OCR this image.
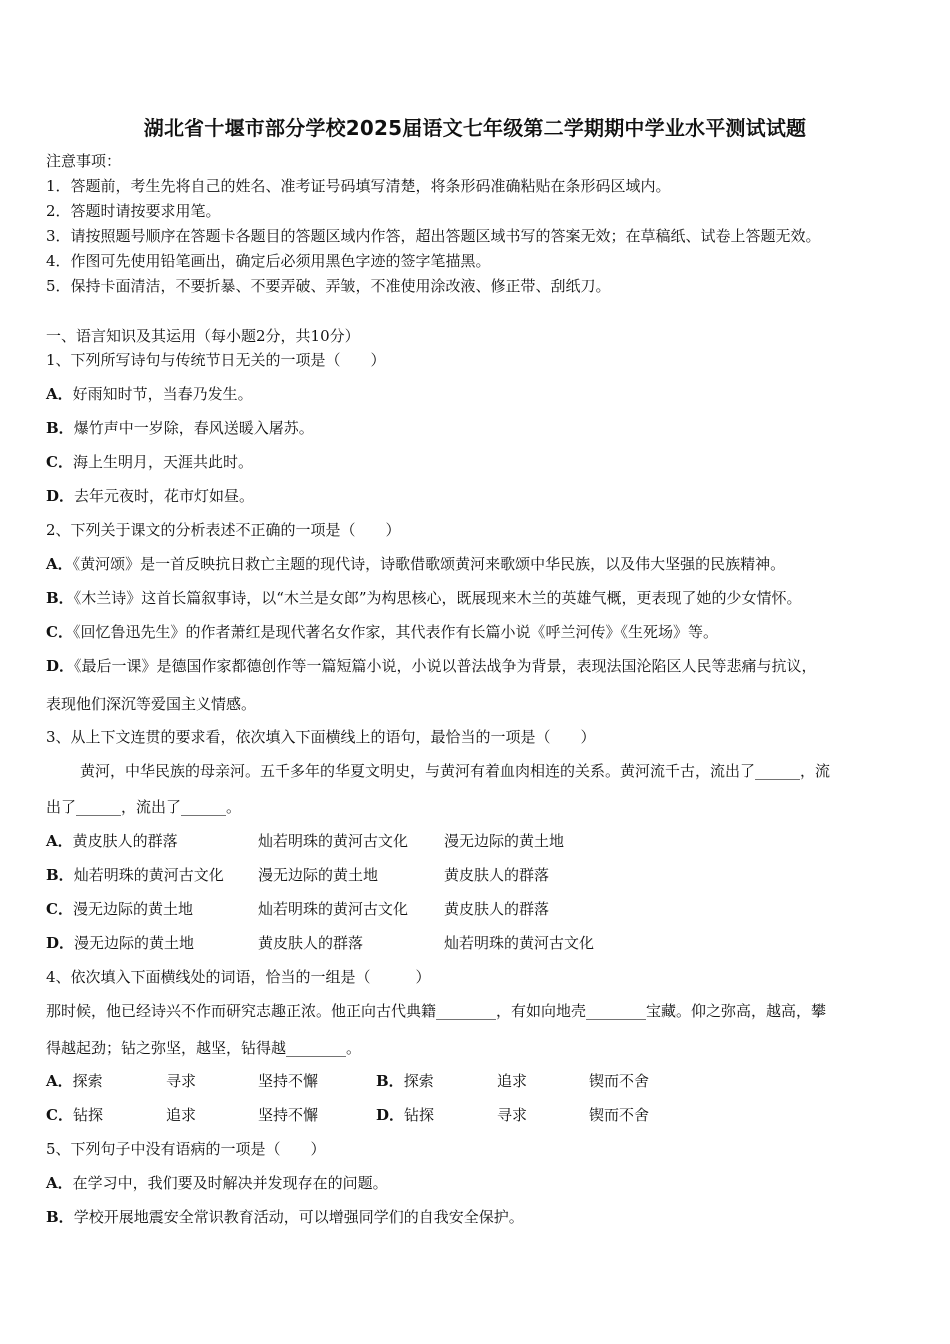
湖北省十堰市部分学校2025届语文七年级第二学期期中学业水平测试试题
注意事项：
1．答题前，考生先将自己的姓名、准考证号码填写清楚，将条形码准确粘贴在条形码区域内。
2．答题时请按要求用笔。
3．请按照题号顺序在答题卡各题目的答题区域内作答，超出答题区域书写的答案无效；在草稿纸、试卷上答题无效。
4．作图可先使用铅笔画出，确定后必须用黑色字迹的签字笔描黑。
5．保持卡面清洁，不要折暴、不要弄破、弄皱，不准使用涂改液、修正带、刮纸刀。
一、语言知识及其运用（每小题2分，共10分）
1、下列所写诗句与传统节日无关的一项是（　　）
A．好雨知时节，当春乃发生。
B．爆竹声中一岁除，春风送暖入屠苏。
C．海上生明月，天涯共此时。
D．去年元夜时，花市灯如昼。
2、下列关于课文的分析表述不正确的一项是（　　）
A．《黄河颂》是一首反映抗日救亡主题的现代诗，诗歌借歌颂黄河来歌颂中华民族，以及伟大坚强的民族精神。
B．《木兰诗》这首长篇叙事诗，以“木兰是女郎”为构思核心，既展现来木兰的英雄气概，更表现了她的少女情怀。
C．《回忆鲁迅先生》的作者萧红是现代著名女作家，其代表作有长篇小说《呼兰河传》《生死场》等。
D．《最后一课》是德国作家都德创作等一篇短篇小说，小说以普法战争为背景，表现法国沦陷区人民等悲痛与抗议，
表现他们深沉等爱国主义情感。
3、从上下文连贯的要求看，依次填入下面横线上的语句，最恰当的一项是（　　）
黄河，中华民族的母亲河。五千多年的华夏文明史，与黄河有着血肉相连的关系。黄河流千古，流出了______，流
出了______，流出了______。
A．黄皮肤人的群落	灿若明珠的黄河古文化 漫无边际的黄土地
B．灿若明珠的黄河古文化 漫无边际的黄土地	黄皮肤人的群落
C．漫无边际的黄土地	灿若明珠的黄河古文化 黄皮肤人的群落
D．漫无边际的黄土地	黄皮肤人的群落	灿若明珠的黄河古文化
4、依次填入下面横线处的词语，恰当的一组是（　　　）
那时候，他已经诗兴不作而研究志趣正浓。他正向古代典籍________，有如向地壳________宝藏。仰之弥高，越高，攀
得越起劲；钻之弥坚，越坚，钻得越________。
A．探索	寻求	坚持不懈	B．探索	追求	锲而不舍
C．钻探	追求	坚持不懈	D．钻探	寻求	锲而不舍
5、下列句子中没有语病的一项是（　　）
A．在学习中，我们要及时解决并发现存在的问题。
B．学校开展地震安全常识教育活动，可以增强同学们的自我安全保护。
